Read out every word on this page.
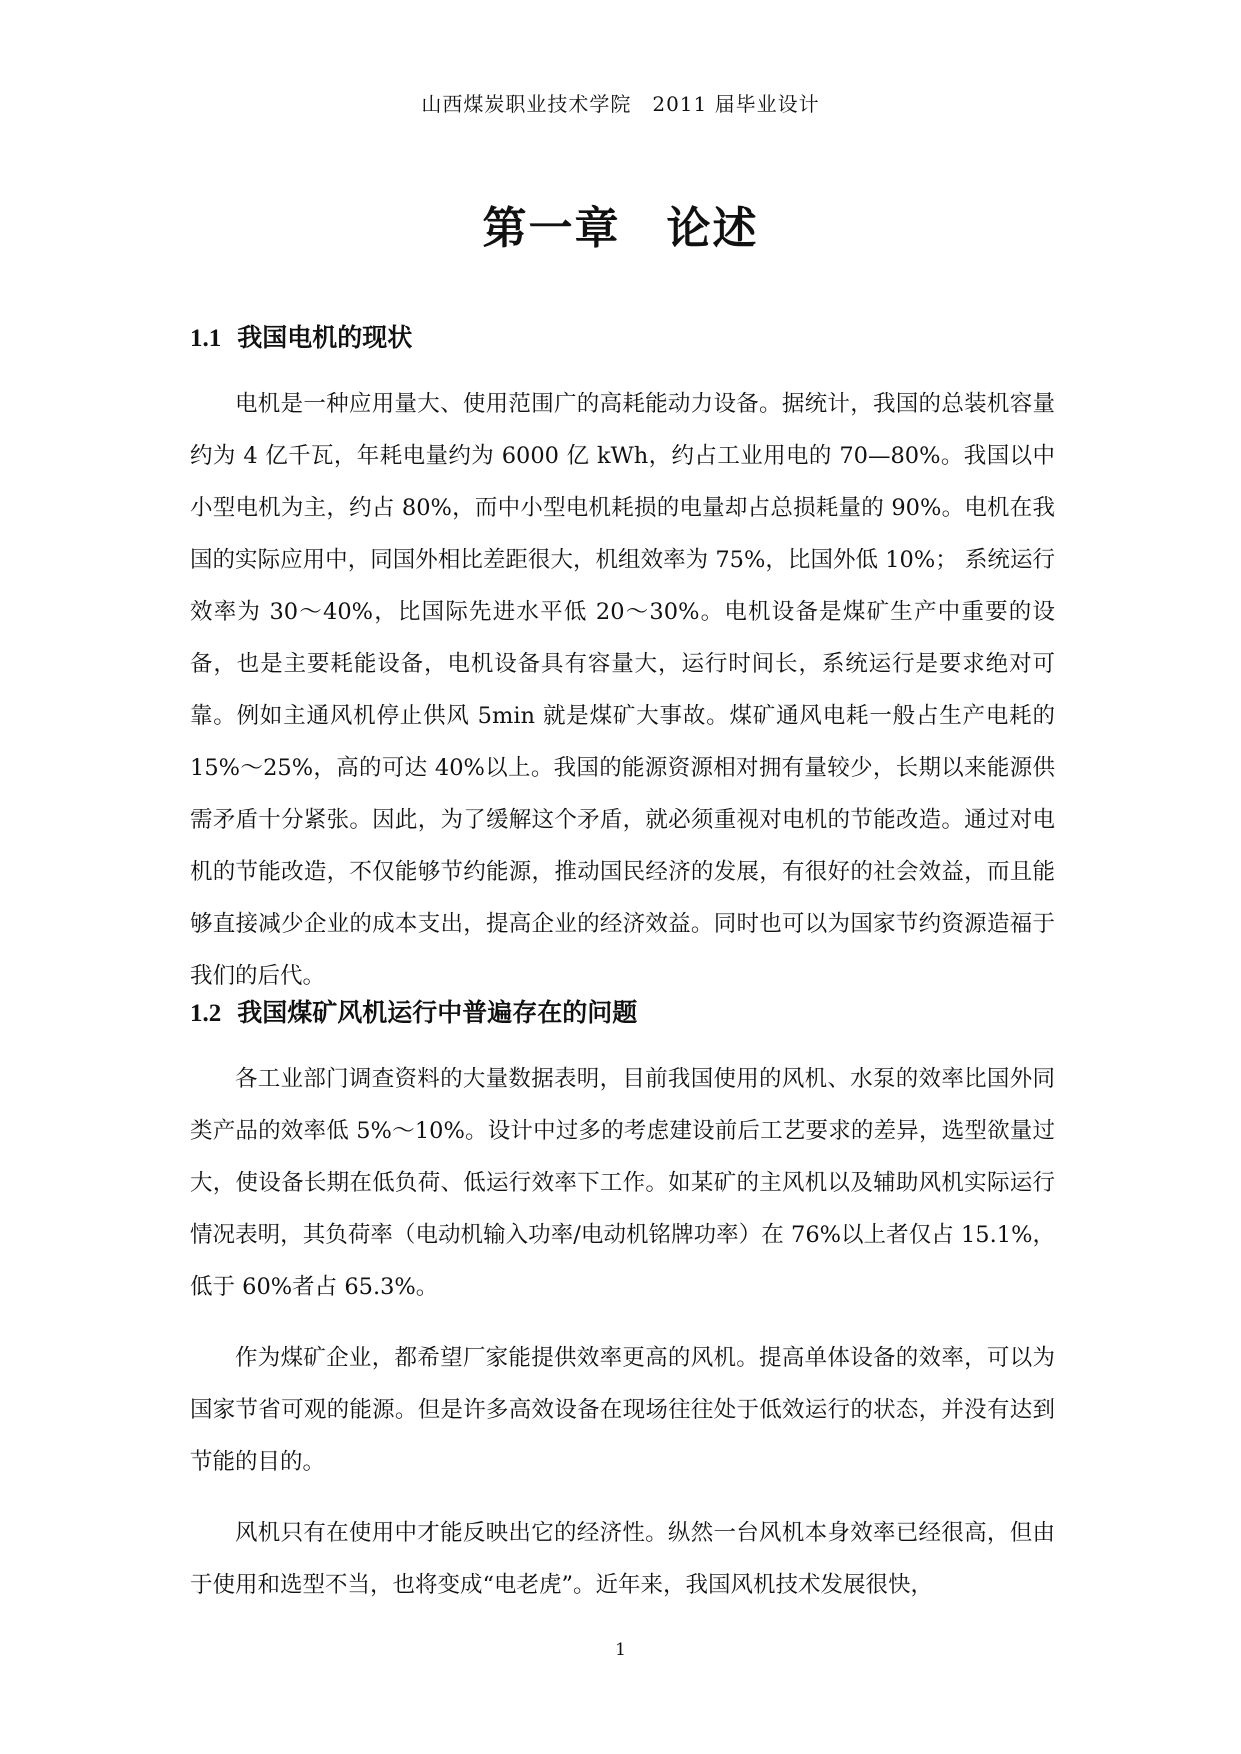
山西煤炭职业技术学院　2011 届毕业设计
第一章　论述
1.1 我国电机的现状

电机是一种应用量大、使用范围广的高耗能动力设备。据统计，我国的总装机容量约为 4 亿千瓦，年耗电量约为 6000 亿 kWh，约占工业用电的 70—80%。我国以中小型电机为主，约占 80%，而中小型电机耗损的电量却占总损耗量的 90%。电机在我国的实际应用中，同国外相比差距很大，机组效率为 75%，比国外低 10%； 系统运行效率为 30～40%，比国际先进水平低 20～30%。电机设备是煤矿生产中重要的设备，也是主要耗能设备，电机设备具有容量大，运行时间长，系统运行是要求绝对可靠。例如主通风机停止供风 5min 就是煤矿大事故。煤矿通风电耗一般占生产电耗的 15%～25%，高的可达 40%以上。我国的能源资源相对拥有量较少，长期以来能源供需矛盾十分紧张。因此，为了缓解这个矛盾，就必须重视对电机的节能改造。通过对电机的节能改造，不仅能够节约能源，推动国民经济的发展，有很好的社会效益，而且能够直接减少企业的成本支出，提高企业的经济效益。同时也可以为国家节约资源造福于我们的后代。

1.2 我国煤矿风机运行中普遍存在的问题

各工业部门调查资料的大量数据表明，目前我国使用的风机、水泵的效率比国外同类产品的效率低 5%～10%。设计中过多的考虑建设前后工艺要求的差异，选型欲量过大，使设备长期在低负荷、低运行效率下工作。如某矿的主风机以及辅助风机实际运行情况表明，其负荷率（电动机输入功率/电动机铭牌功率）在 76%以上者仅占 15.1%，低于 60%者占 65.3%。

作为煤矿企业，都希望厂家能提供效率更高的风机。提高单体设备的效率，可以为国家节省可观的能源。但是许多高效设备在现场往往处于低效运行的状态，并没有达到节能的目的。

风机只有在使用中才能反映出它的经济性。纵然一台风机本身效率已经很高，但由于使用和选型不当，也将变成“电老虎”。近年来，我国风机技术发展很快，

1
